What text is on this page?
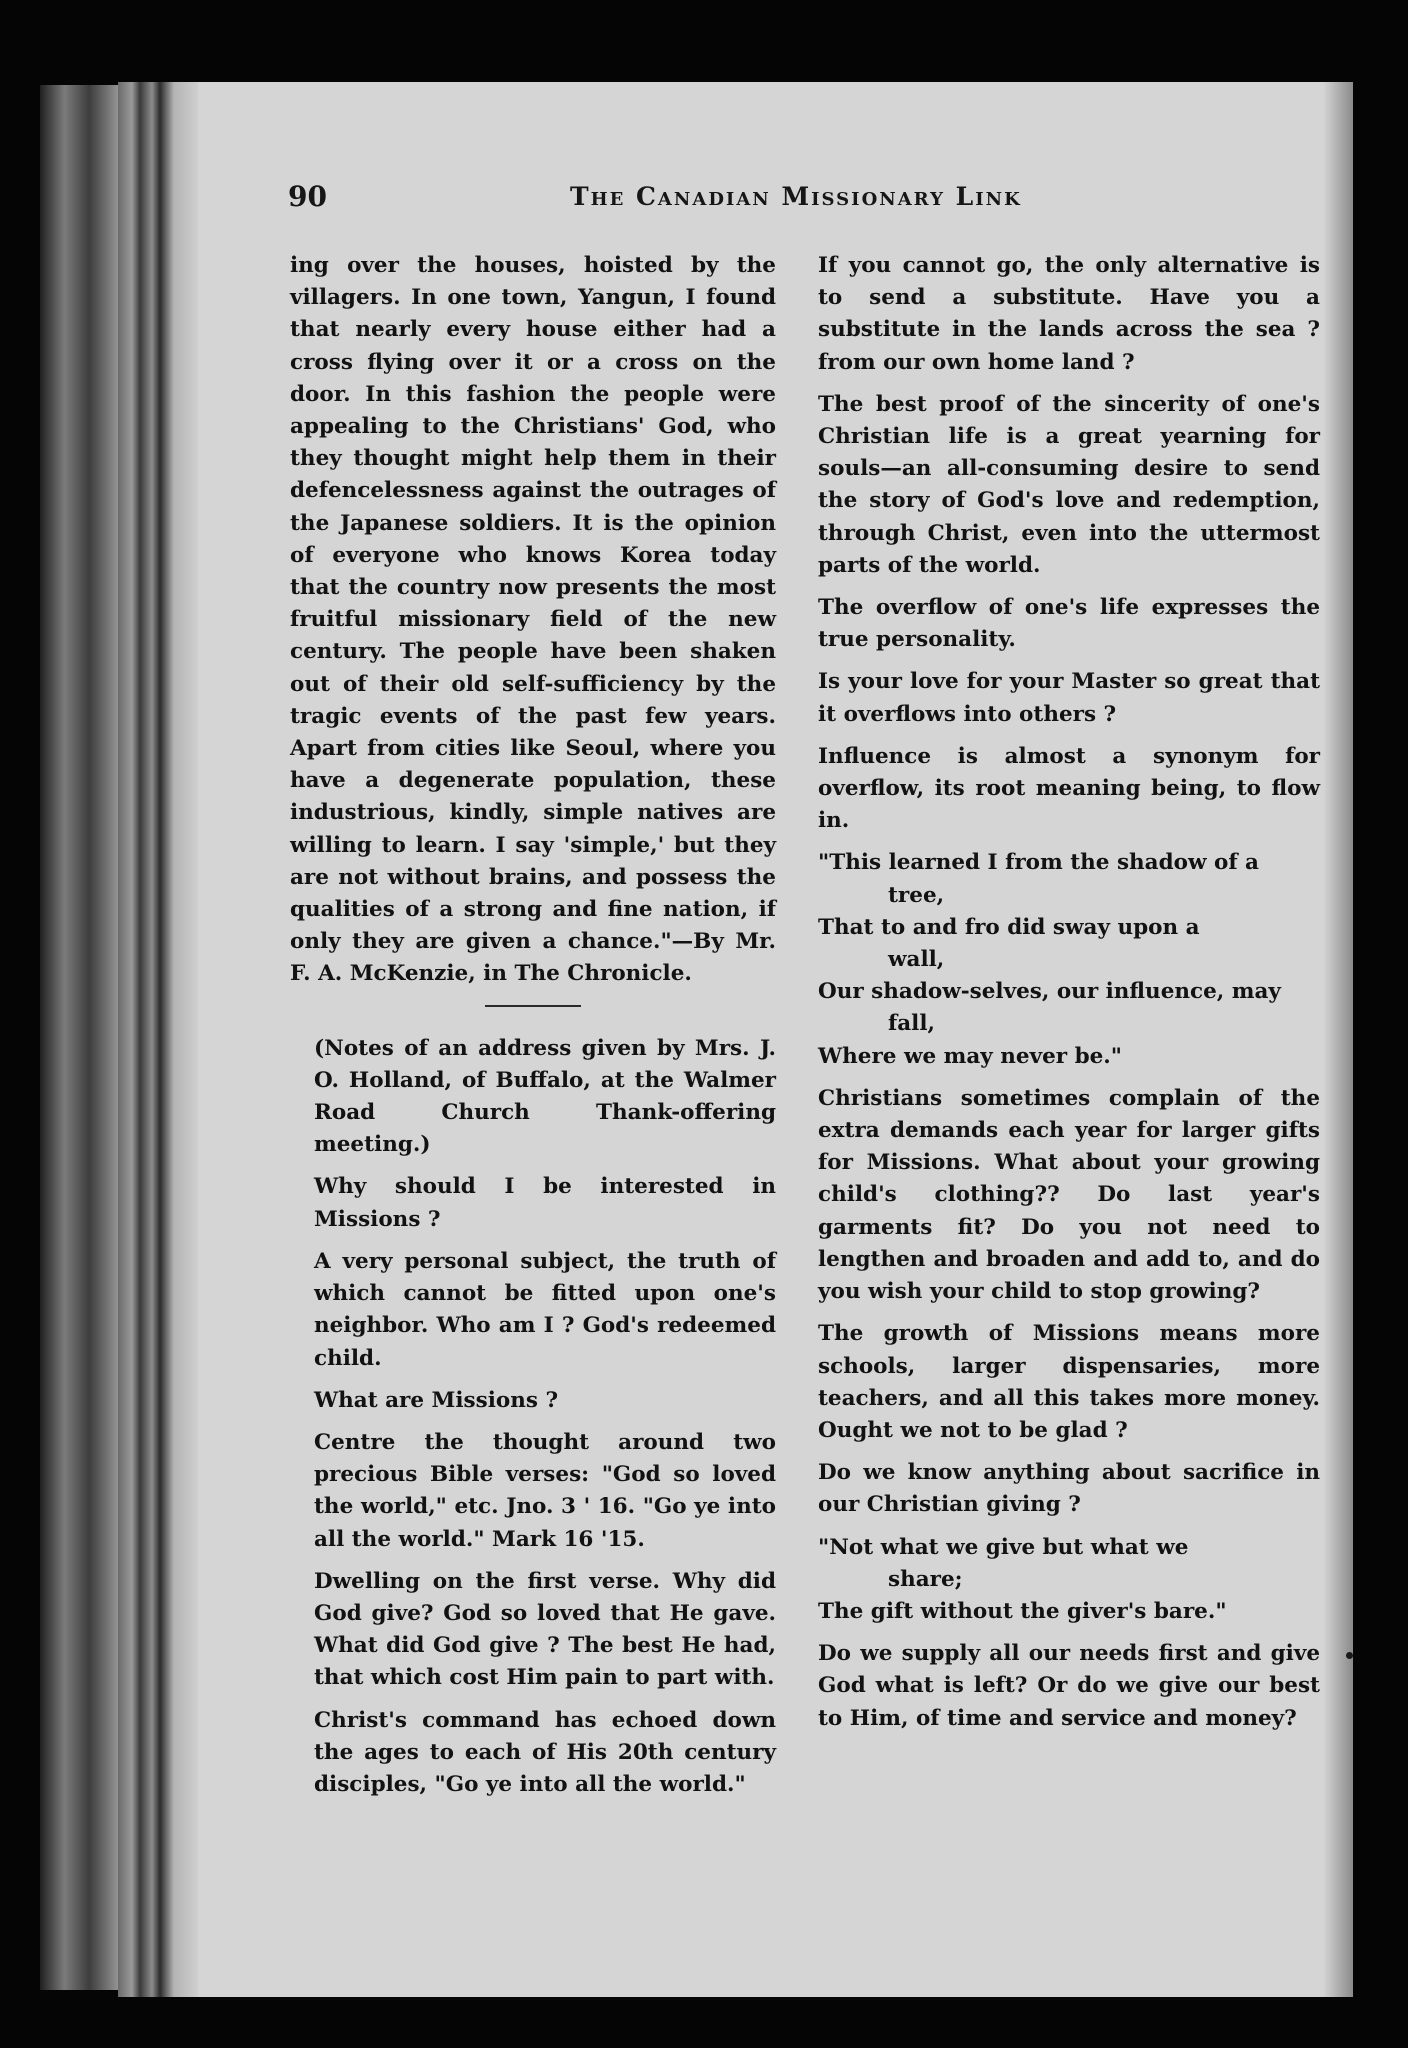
90	The Canadian Missionary Link

ing over the houses, hoisted by the villagers. In one town, Yangun, I found that nearly every house either had a cross flying over it or a cross on the door. In this fashion the people were appealing to the Christians' God, who they thought might help them in their defencelessness against the outrages of the Japanese soldiers. It is the opinion of everyone who knows Korea today that the country now presents the most fruitful missionary field of the new century. The people have been shaken out of their old self-sufficiency by the tragic events of the past few years. Apart from cities like Seoul, where you have a degenerate population, these industrious, kindly, simple natives are willing to learn. I say 'simple,' but they are not without brains, and possess the qualities of a strong and fine nation, if only they are given a chance."—By Mr. F. A. McKenzie, in The Chronicle.

(Notes of an address given by Mrs. J. O. Holland, of Buffalo, at the Walmer Road Church Thank-offering meeting.)

Why should I be interested in Missions ?

A very personal subject, the truth of which cannot be fitted upon one's neighbor. Who am I ? God's redeemed child.

What are Missions ?

Centre the thought around two precious Bible verses: "God so loved the world," etc. Jno. 3 ' 16. "Go ye into all the world." Mark 16 '15.

Dwelling on the first verse. Why did God give? God so loved that He gave. What did God give ? The best He had, that which cost Him pain to part with.

Christ's command has echoed down the ages to each of His 20th century disciples, "Go ye into all the world."

If you cannot go, the only alternative is to send a substitute. Have you a substitute in the lands across the sea ? from our own home land ?

The best proof of the sincerity of one's Christian life is a great yearning for souls—an all-consuming desire to send the story of God's love and redemption, through Christ, even into the uttermost parts of the world.

The overflow of one's life expresses the true personality.

Is your love for your Master so great that it overflows into others ?

Influence is almost a synonym for overflow, its root meaning being, to flow in.

"This learned I from the shadow of a

tree,

That to and fro did sway upon a

wall,

Our shadow-selves, our influence, may

fall,

Where we may never be."

Christians sometimes complain of the extra demands each year for larger gifts for Missions. What about your growing child's clothing?? Do last year's garments fit? Do you not need to lengthen and broaden and add to, and do you wish your child to stop growing?

The growth of Missions means more schools, larger dispensaries, more teachers, and all this takes more money. Ought we not to be glad ?

Do we know anything about sacrifice in our Christian giving ?

"Not what we give but what we

share;

The gift without the giver's bare."

Do we supply all our needs first and give God what is left? Or do we give our best to Him, of time and service and money?
